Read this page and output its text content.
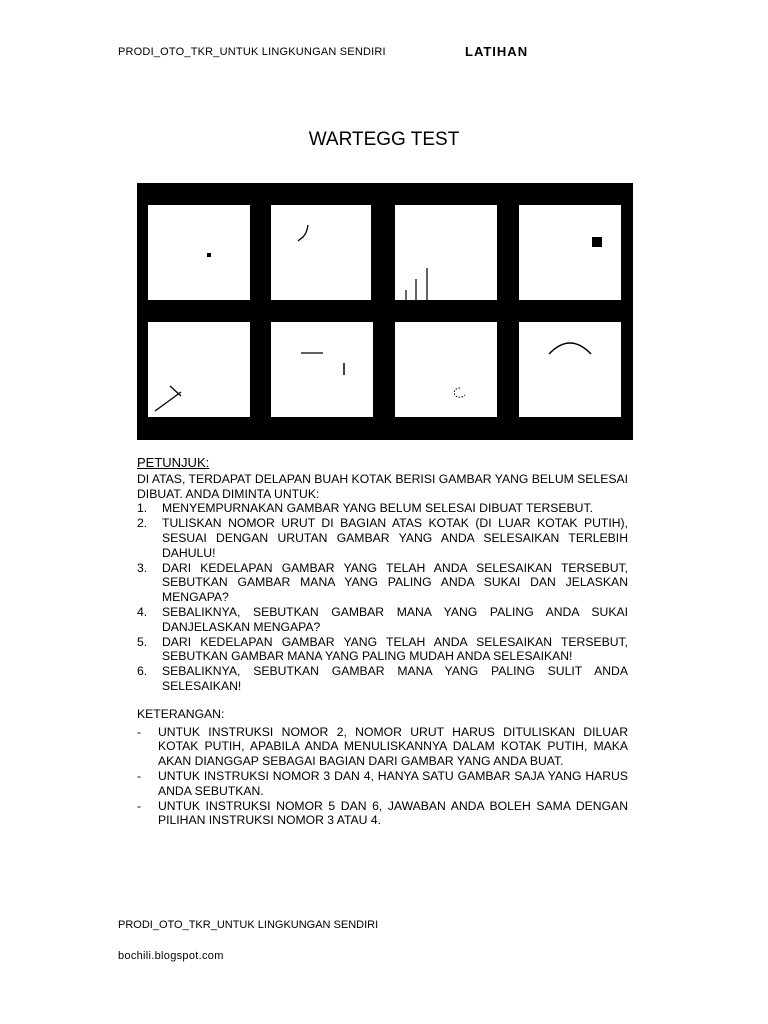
PRODI_OTO_TKR_UNTUK LINGKUNGAN SENDIRI	LATIHAN
WARTEGG TEST
PETUNJUK:

DI ATAS, TERDAPAT DELAPAN BUAH KOTAK BERISI GAMBAR YANG BELUM SELESAI DIBUAT. ANDA DIMINTA UNTUK:

1. MENYEMPURNAKAN GAMBAR YANG BELUM SELESAI DIBUAT TERSEBUT.
2. TULISKAN NOMOR URUT DI BAGIAN ATAS KOTAK (DI LUAR KOTAK PUTIH), SESUAI DENGAN URUTAN GAMBAR YANG ANDA SELESAIKAN TERLEBIH DAHULU!
3. DARI KEDELAPAN GAMBAR YANG TELAH ANDA SELESAIKAN TERSEBUT, SEBUTKAN GAMBAR MANA YANG PALING ANDA SUKAI DAN JELASKAN MENGAPA?
4. SEBALIKNYA, SEBUTKAN GAMBAR MANA YANG PALING ANDA SUKAI DANJELASKAN MENGAPA?
5. DARI KEDELAPAN GAMBAR YANG TELAH ANDA SELESAIKAN TERSEBUT, SEBUTKAN GAMBAR MANA YANG PALING MUDAH ANDA SELESAIKAN!
6. SEBALIKNYA, SEBUTKAN GAMBAR MANA YANG PALING SULIT ANDA SELESAIKAN!

KETERANGAN:

- UNTUK INSTRUKSI NOMOR 2, NOMOR URUT HARUS DITULISKAN DILUAR KOTAK PUTIH, APABILA ANDA MENULISKANNYA DALAM KOTAK PUTIH, MAKA AKAN DIANGGAP SEBAGAI BAGIAN DARI GAMBAR YANG ANDA BUAT.
- UNTUK INSTRUKSI NOMOR 3 DAN 4, HANYA SATU GAMBAR SAJA YANG HARUS ANDA SEBUTKAN.
- UNTUK INSTRUKSI NOMOR 5 DAN 6, JAWABAN ANDA BOLEH SAMA DENGAN PILIHAN INSTRUKSI NOMOR 3 ATAU 4.
PRODI_OTO_TKR_UNTUK LINGKUNGAN SENDIRI
bochili.blogspot.com
